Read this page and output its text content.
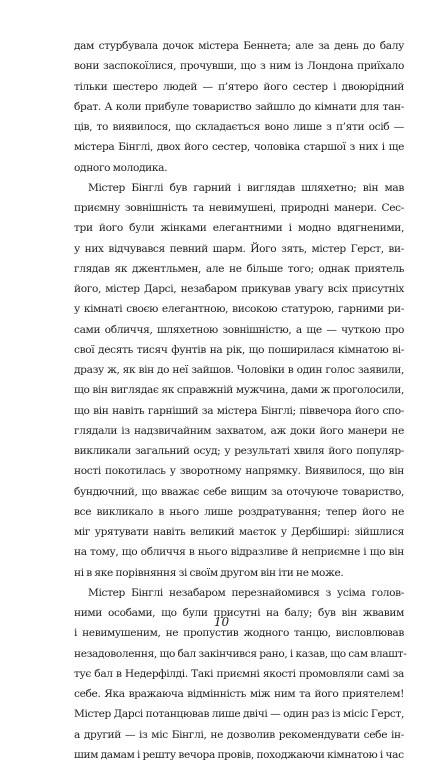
дам стурбувала дочок містера Беннета; але за день до балу
вони заспокоїлися, прочувши, що з ним із Лондона приїхало
тільки шестеро людей — п’ятеро його сестер і двоюрідний
брат. А коли прибуле товариство зайшло до кімнати для тан-
ців, то виявилося, що складається воно лише з п’яти осіб —
містера Бінглі, двох його сестер, чоловіка старшої з них і ще
одного молодика.
Містер Бінглі був гарний і виглядав шляхетно; він мав
приємну зовнішність та невимушені, природні манери. Сес-
три його були жінками елегантними і модно вдягненими,
у них відчувався певний шарм. Його зять, містер Герст, ви-
глядав як джентльмен, але не більше того; однак приятель
його, містер Дарсі, незабаром прикував увагу всіх присутніх
у кімнаті своєю елегантною, високою статурою, гарними ри-
сами обличчя, шляхетною зовнішністю, а ще — чуткою про
свої десять тисяч фунтів на рік, що поширилася кімнатою ві-
дразу ж, як він до неї зайшов. Чоловіки в один голос заявили,
що він виглядає як справжній мужчина, дами ж проголосили,
що він навіть гарніший за містера Бінглі; піввечора його спо-
глядали із надзвичайним захватом, аж доки його манери не
викликали загальний осуд; у результаті хвиля його популяр-
ності покотилась у зворотному напрямку. Виявилося, що він
бундючний, що вважає себе вищим за оточуюче товариство,
все викликало в нього лише роздратування; тепер його не
міг урятувати навіть великий маєток у Дербіширі: зійшлися
на тому, що обличчя в нього відразливе й неприємне і що він
ні в яке порівняння зі своїм другом він іти не може.
Містер Бінглі незабаром перезнайомився з усіма голов-
ними особами, що були присутні на балу; був він жвавим
і невимушеним, не пропустив жодного танцю, висловлював
незадоволення, що бал закінчився рано, і казав, що сам влашт-
тує бал в Недерфілді. Такі приємні якості промовляли самі за
себе. Яка вражаюча відмінність між ним та його приятелем!
Містер Дарсі потанцював лише двічі — один раз із місіс Герст,
а другий — із міс Бінглі, не дозволив рекомендувати себе ін-
шим дамам і решту вечора провів, походжаючи кімнатою і час
10
